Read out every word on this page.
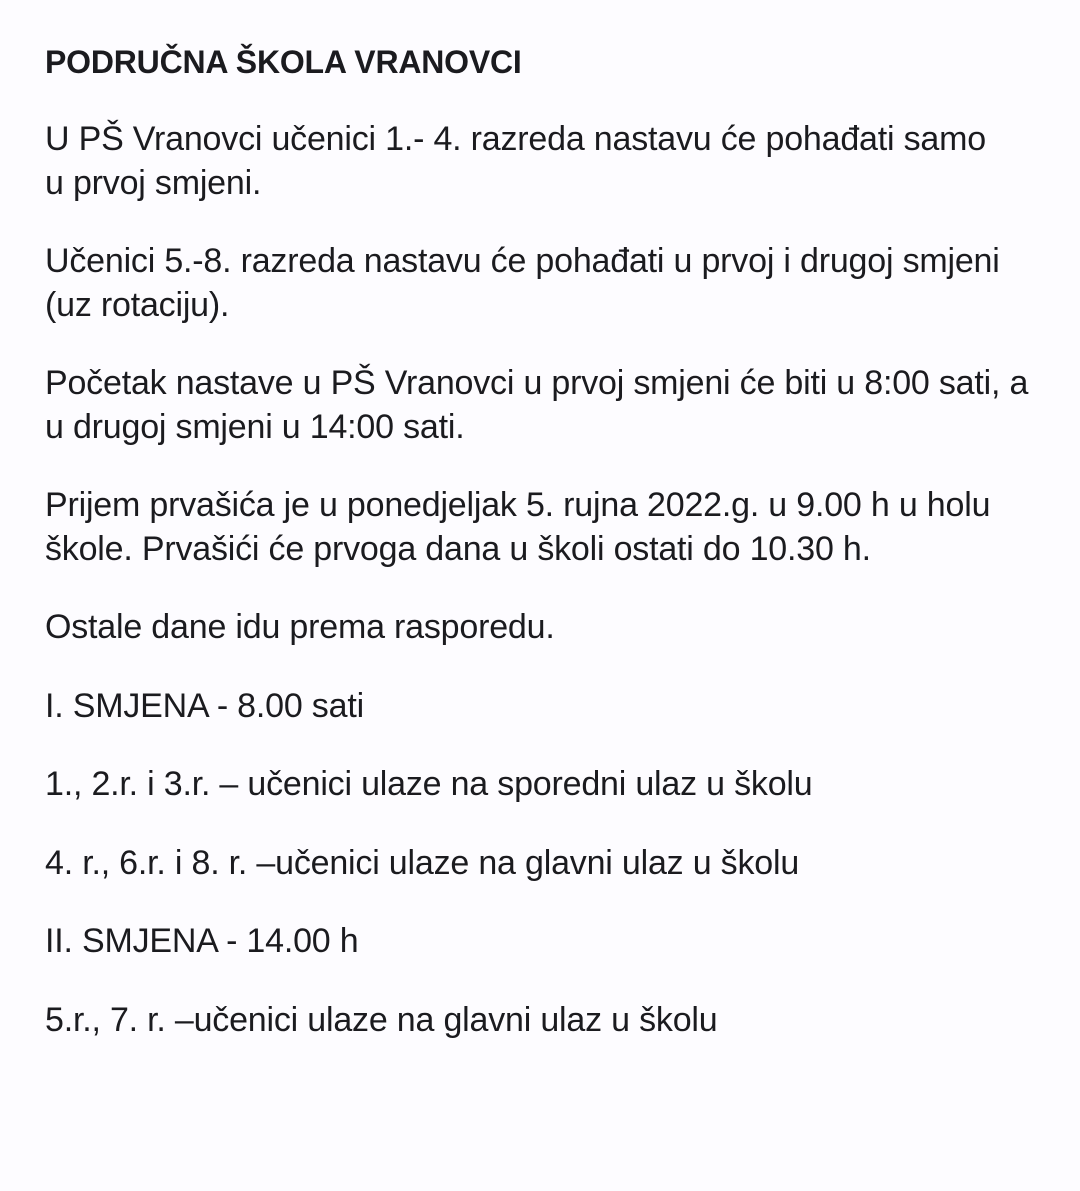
PODRUČNA ŠKOLA VRANOVCI

U PŠ Vranovci učenici 1.- 4. razreda nastavu će pohađati samo u prvoj smjeni.

Učenici 5.-8. razreda nastavu će pohađati u prvoj i drugoj smjeni (uz rotaciju).

Početak nastave u PŠ Vranovci u prvoj smjeni će biti u 8:00 sati, a u drugoj smjeni u 14:00 sati.

Prijem prvašića je u ponedjeljak 5. rujna 2022.g. u 9.00 h u holu škole. Prvašići će prvoga dana u školi ostati do 10.30 h.

Ostale dane idu prema rasporedu.

I. SMJENA - 8.00 sati

1., 2.r. i 3.r. – učenici ulaze na sporedni ulaz u školu

4. r., 6.r. i 8. r. –učenici ulaze na glavni ulaz u školu

II. SMJENA - 14.00 h

5.r., 7. r. –učenici ulaze na glavni ulaz u školu
